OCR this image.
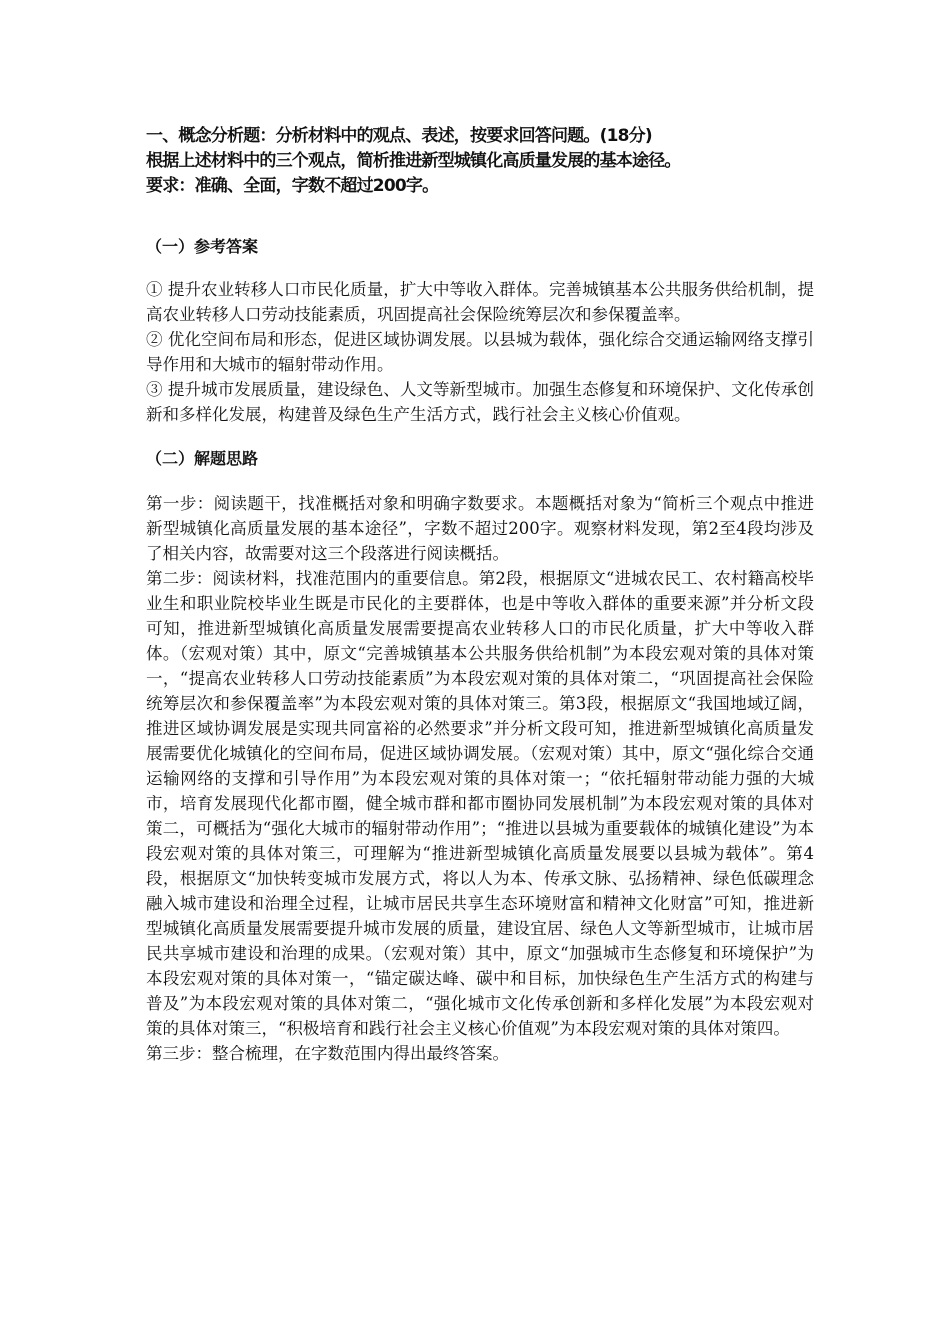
一、概念分析题：分析材料中的观点、表述，按要求回答问题。(18分)

根据上述材料中的三个观点，简析推进新型城镇化高质量发展的基本途径。

要求：准确、全面，字数不超过200字。

（一）参考答案

① 提升农业转移人口市民化质量，扩大中等收入群体。完善城镇基本公共服务供给机制，提高农业转移人口劳动技能素质，巩固提高社会保险统筹层次和参保覆盖率。
② 优化空间布局和形态，促进区域协调发展。以县城为载体，强化综合交通运输网络支撑引导作用和大城市的辐射带动作用。
③ 提升城市发展质量，建设绿色、人文等新型城市。加强生态修复和环境保护、文化传承创新和多样化发展，构建普及绿色生产生活方式，践行社会主义核心价值观。

（二）解题思路

第一步：阅读题干，找准概括对象和明确字数要求。本题概括对象为“简析三个观点中推进新型城镇化高质量发展的基本途径”，字数不超过200字。观察材料发现，第2至4段均涉及了相关内容，故需要对这三个段落进行阅读概括。

第二步：阅读材料，找准范围内的重要信息。第2段，根据原文“进城农民工、农村籍高校毕业生和职业院校毕业生既是市民化的主要群体，也是中等收入群体的重要来源”并分析文段可知，推进新型城镇化高质量发展需要提高农业转移人口的市民化质量，扩大中等收入群体。（宏观对策）其中，原文“完善城镇基本公共服务供给机制”为本段宏观对策的具体对策一，“提高农业转移人口劳动技能素质”为本段宏观对策的具体对策二，“巩固提高社会保险统筹层次和参保覆盖率”为本段宏观对策的具体对策三。第3段，根据原文“我国地域辽阔，推进区域协调发展是实现共同富裕的必然要求”并分析文段可知，推进新型城镇化高质量发展需要优化城镇化的空间布局，促进区域协调发展。（宏观对策）其中，原文“强化综合交通运输网络的支撑和引导作用”为本段宏观对策的具体对策一；“依托辐射带动能力强的大城市，培育发展现代化都市圈，健全城市群和都市圈协同发展机制”为本段宏观对策的具体对策二，可概括为“强化大城市的辐射带动作用”；“推进以县城为重要载体的城镇化建设”为本段宏观对策的具体对策三，可理解为“推进新型城镇化高质量发展要以县城为载体”。第4段，根据原文“加快转变城市发展方式，将以人为本、传承文脉、弘扬精神、绿色低碳理念融入城市建设和治理全过程，让城市居民共享生态环境财富和精神文化财富”可知，推进新型城镇化高质量发展需要提升城市发展的质量，建设宜居、绿色人文等新型城市，让城市居民共享城市建设和治理的成果。（宏观对策）其中，原文“加强城市生态修复和环境保护”为本段宏观对策的具体对策一，“锚定碳达峰、碳中和目标，加快绿色生产生活方式的构建与普及”为本段宏观对策的具体对策二，“强化城市文化传承创新和多样化发展”为本段宏观对策的具体对策三，“积极培育和践行社会主义核心价值观”为本段宏观对策的具体对策四。

第三步：整合梳理，在字数范围内得出最终答案。
